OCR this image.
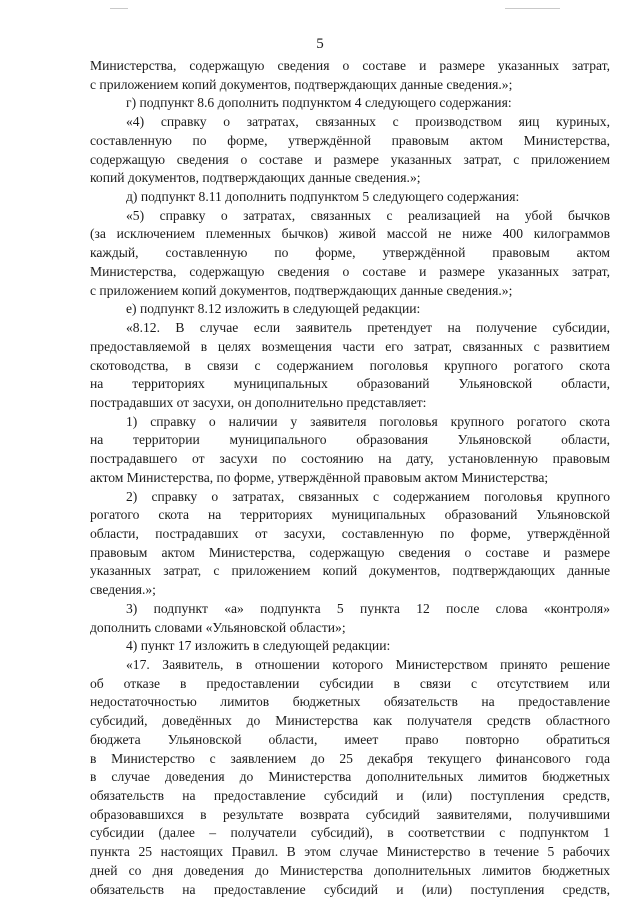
5
Министерства, содержащую сведения о составе и размере указанных затрат,
с приложением копий документов, подтверждающих данные сведения.»;
г) подпункт 8.6 дополнить подпунктом 4 следующего содержания:
«4) справку о затратах, связанных с производством яиц куриных,
составленную по форме, утверждённой правовым актом Министерства,
содержащую сведения о составе и размере указанных затрат, с приложением
копий документов, подтверждающих данные сведения.»;
д) подпункт 8.11 дополнить подпунктом 5 следующего содержания:
«5) справку о затратах, связанных с реализацией на убой бычков
(за исключением племенных бычков) живой массой не ниже 400 килограммов
каждый, составленную по форме, утверждённой правовым актом
Министерства, содержащую сведения о составе и размере указанных затрат,
с приложением копий документов, подтверждающих данные сведения.»;
е) подпункт 8.12 изложить в следующей редакции:
«8.12. В случае если заявитель претендует на получение субсидии,
предоставляемой в целях возмещения части его затрат, связанных с развитием
скотоводства, в связи с содержанием поголовья крупного рогатого скота
на территориях муниципальных образований Ульяновской области,
пострадавших от засухи, он дополнительно представляет:
1) справку о наличии у заявителя поголовья крупного рогатого скота
на территории муниципального образования Ульяновской области,
пострадавшего от засухи по состоянию на дату, установленную правовым
актом Министерства, по форме, утверждённой правовым актом Министерства;
2) справку о затратах, связанных с содержанием поголовья крупного
рогатого скота на территориях муниципальных образований Ульяновской
области, пострадавших от засухи, составленную по форме, утверждённой
правовым актом Министерства, содержащую сведения о составе и размере
указанных затрат, с приложением копий документов, подтверждающих данные
сведения.»;
3) подпункт «а» подпункта 5 пункта 12 после слова «контроля»
дополнить словами «Ульяновской области»;
4) пункт 17 изложить в следующей редакции:
«17. Заявитель, в отношении которого Министерством принято решение
об отказе в предоставлении субсидии в связи с отсутствием или
недостаточностью лимитов бюджетных обязательств на предоставление
субсидий, доведённых до Министерства как получателя средств областного
бюджета Ульяновской области, имеет право повторно обратиться
в Министерство с заявлением до 25 декабря текущего финансового года
в случае доведения до Министерства дополнительных лимитов бюджетных
обязательств на предоставление субсидий и (или) поступления средств,
образовавшихся в результате возврата субсидий заявителями, получившими
субсидии (далее – получатели субсидий), в соответствии с подпунктом 1
пункта 25 настоящих Правил. В этом случае Министерство в течение 5 рабочих
дней со дня доведения до Министерства дополнительных лимитов бюджетных
обязательств на предоставление субсидий и (или) поступления средств,
